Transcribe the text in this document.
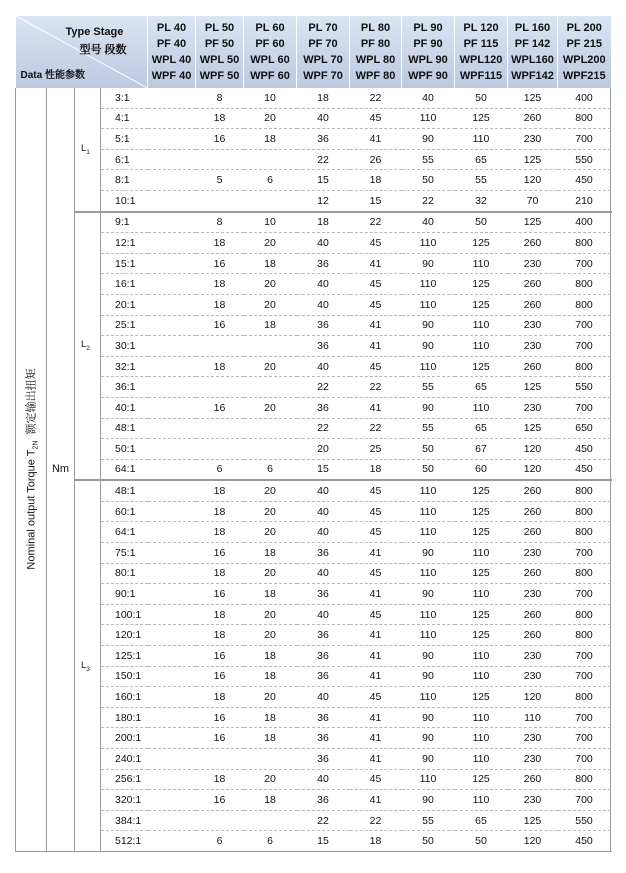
Type Stage
型号 段数
Data 性能参数				PL 40
PF 40
WPL 40
WPF 40	PL 50
PF 50
WPL 50
WPF 50	PL 60
PF 60
WPL 60
WPF 60	PL 70
PF 70
WPL 70
WPF 70	PL 80
PF 80
WPL 80
WPF 80	PL 90
PF 90
WPL 90
WPF 90	PL 120
PF 115
WPL120
WPF115	PL 160
PF 142
WPL160
WPF142	PL 200
PF 215
WPL200
WPF215	

Nominal output Torque $T_{2N}$  额定输出扭矩	Nm	$L_1$	3:1		8	10	18	22	40	50	125	400	
			4:1		18	20	40	45	110	125	260	800	
			5:1		16	18	36	41	90	110	230	700	
			6:1				22	26	55	65	125	550	
			8:1		5	6	15	18	50	55	120	450	
			10:1				12	15	22	32	70	210	
		$L_2$	9:1		8	10	18	22	40	50	125	400	
			12:1		18	20	40	45	110	125	260	800	
			15:1		16	18	36	41	90	110	230	700	
			16:1		18	20	40	45	110	125	260	800	
			20:1		18	20	40	45	110	125	260	800	
			25:1		16	18	36	41	90	110	230	700	
			30:1				36	41	90	110	230	700	
			32:1		18	20	40	45	110	125	260	800	
			36:1				22	22	55	65	125	550	
			40:1		16	20	36	41	90	110	230	700	
			48:1				22	22	55	65	125	650	
			50:1				20	25	50	67	120	450	
			64:1		6	6	15	18	50	60	120	450	
		$L_3$	48:1		18	20	40	45	110	125	260	800	
			60:1		18	20	40	45	110	125	260	800	
			64:1		18	20	40	45	110	125	260	800	
			75:1		16	18	36	41	90	110	230	700	
			80:1		18	20	40	45	110	125	260	800	
			90:1		16	18	36	41	90	110	230	700	
			100:1		18	20	40	45	110	125	260	800	
			120:1		18	20	36	41	110	125	260	800	
			125:1		16	18	36	41	90	110	230	700	
			150:1		16	18	36	41	90	110	230	700	
			160:1		18	20	40	45	110	125	120	800	
			180:1		16	18	36	41	90	110	110	700	
			200:1		16	18	36	41	90	110	230	700	
			240:1				36	41	90	110	230	700	
			256:1		18	20	40	45	110	125	260	800	
			320:1		16	18	36	41	90	110	230	700	
			384:1				22	22	55	65	125	550	
			512:1		6	6	15	18	50	50	120	450	
